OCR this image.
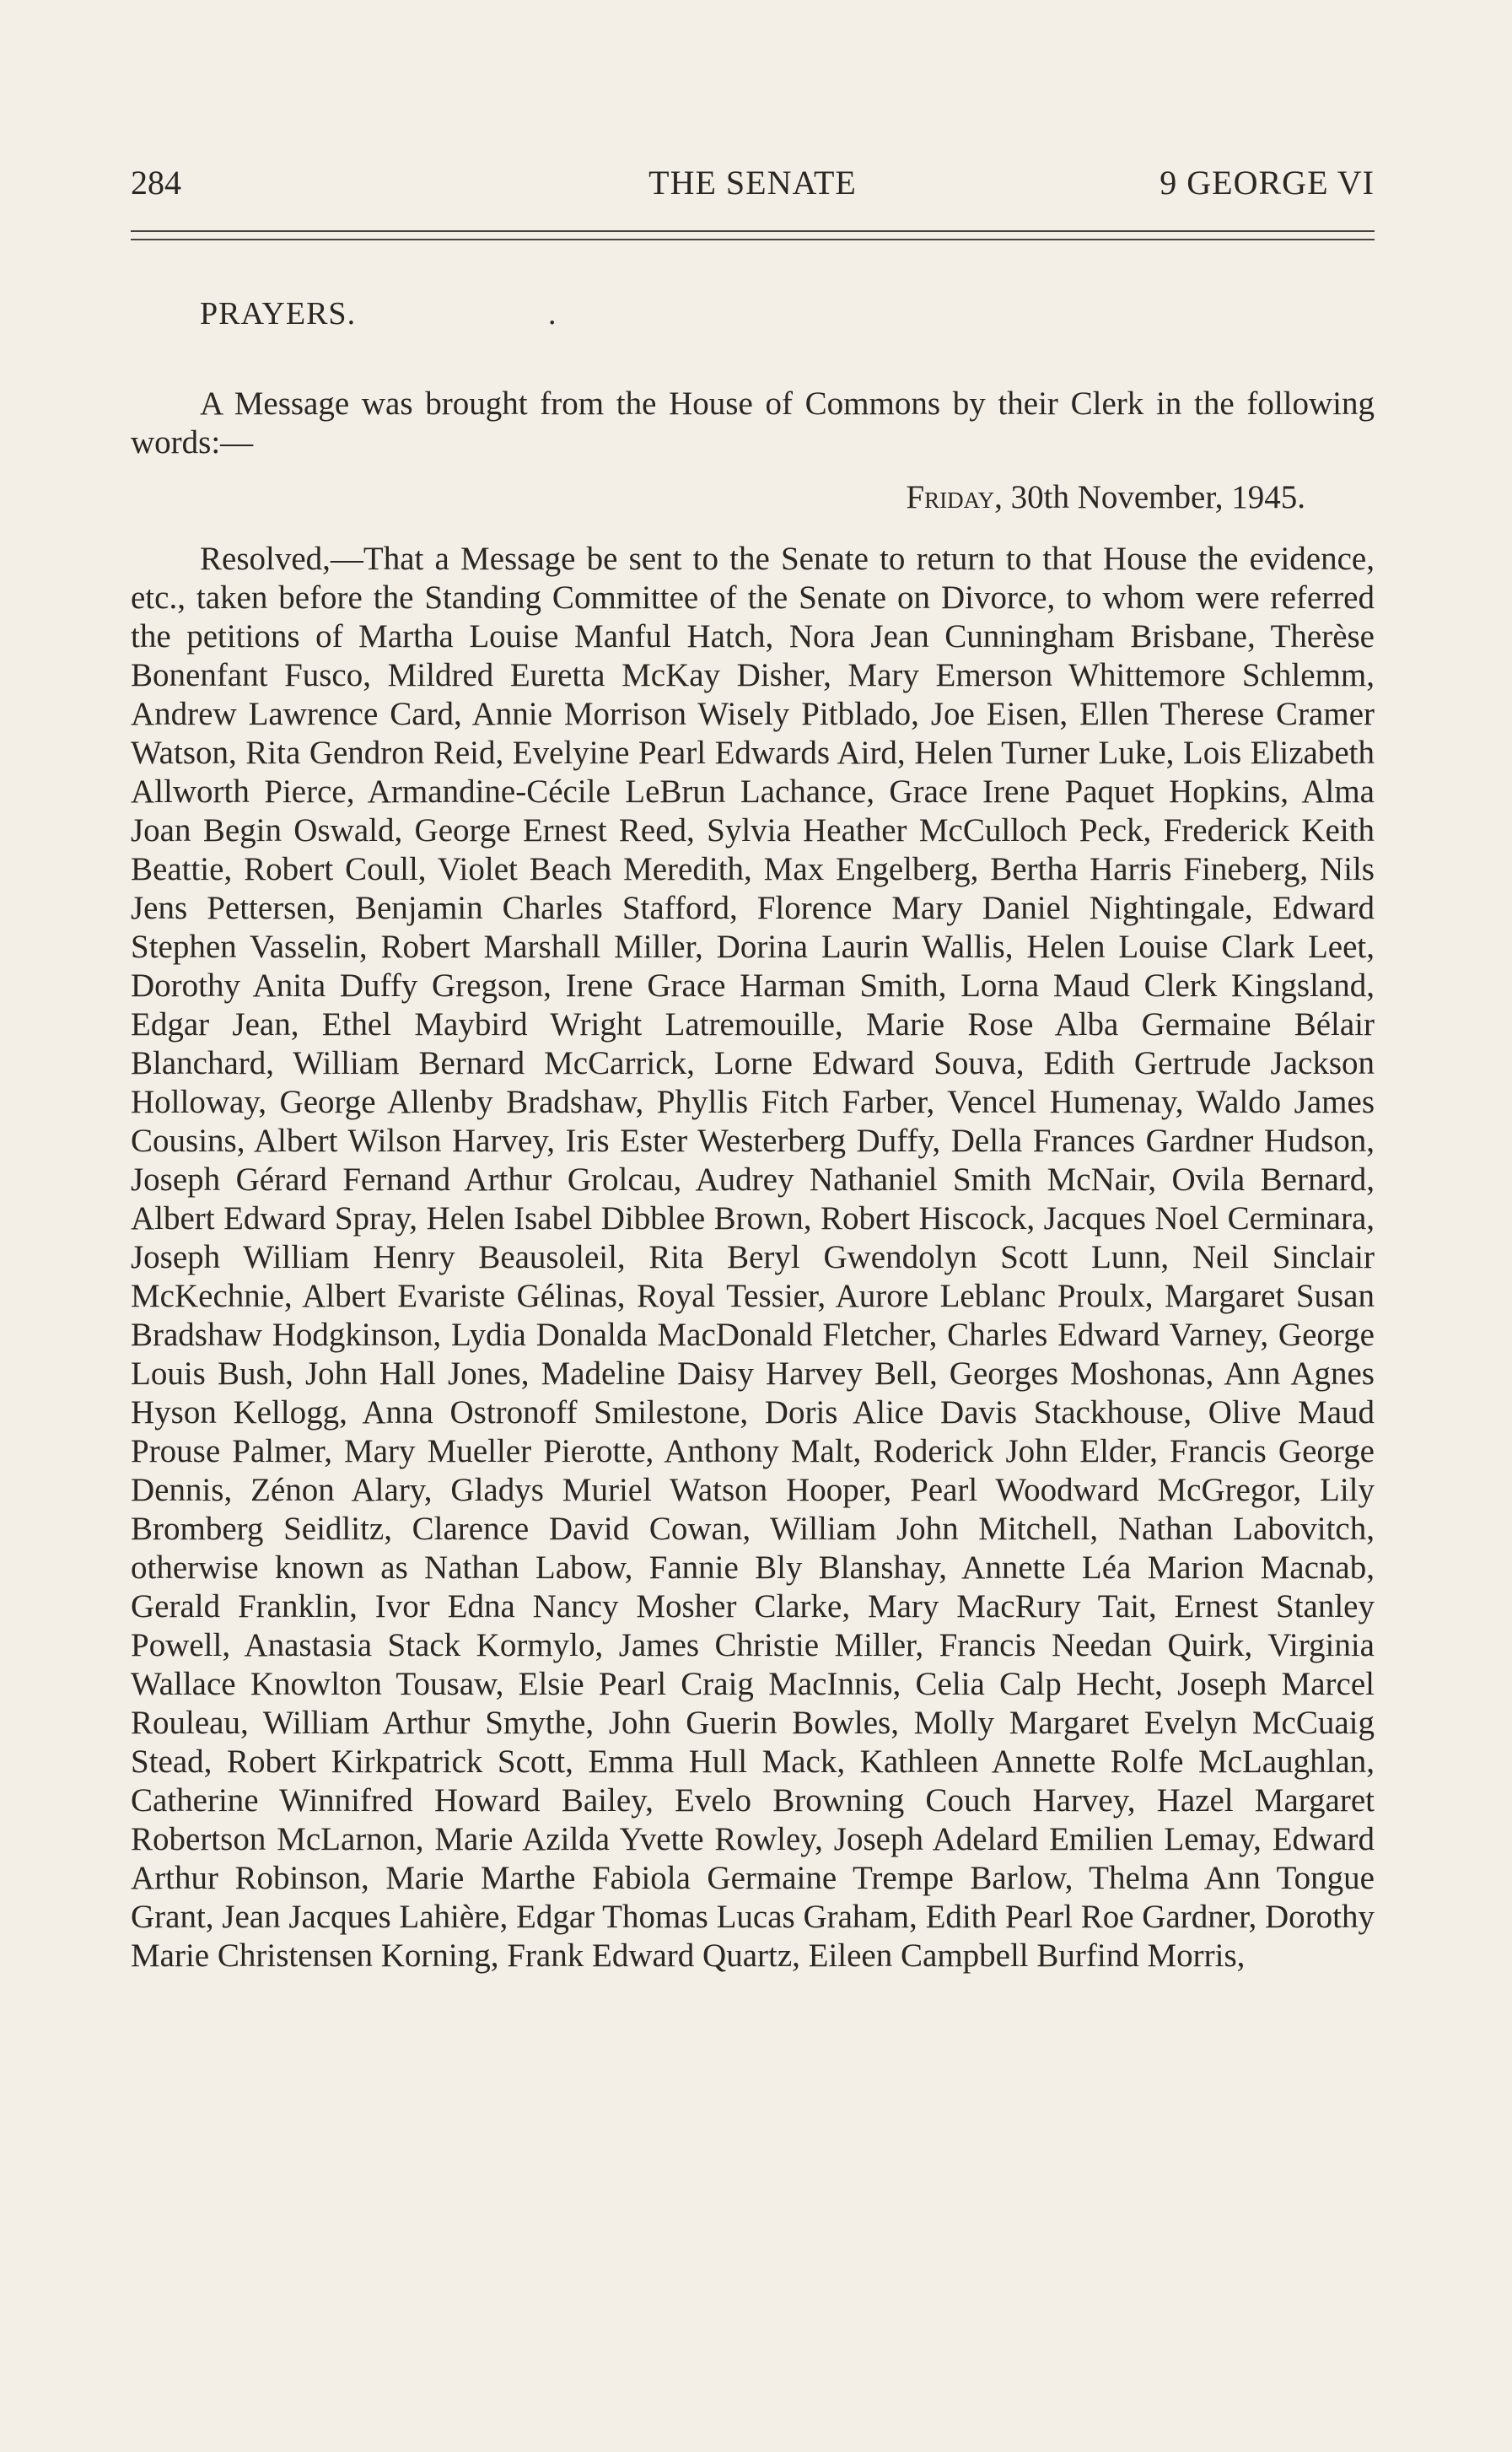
284	THE SENATE	9 GEORGE VI
PRAYERS.	.

A Message was brought from the House of Commons by their Clerk in the following words:—

Friday, 30th November, 1945.

Resolved,—That a Message be sent to the Senate to return to that House the evidence, etc., taken before the Standing Committee of the Senate on Divorce, to whom were referred the petitions of Martha Louise Manful Hatch, Nora Jean Cunningham Brisbane, Therèse Bonenfant Fusco, Mildred Euretta McKay Disher, Mary Emerson Whittemore Schlemm, Andrew Lawrence Card, Annie Morrison Wisely Pitblado, Joe Eisen, Ellen Therese Cramer Watson, Rita Gendron Reid, Evelyine Pearl Edwards Aird, Helen Turner Luke, Lois Elizabeth Allworth Pierce, Armandine-Cécile LeBrun Lachance, Grace Irene Paquet Hopkins, Alma Joan Begin Oswald, George Ernest Reed, Sylvia Heather McCulloch Peck, Frederick Keith Beattie, Robert Coull, Violet Beach Meredith, Max Engelberg, Bertha Harris Fineberg, Nils Jens Pettersen, Benjamin Charles Stafford, Florence Mary Daniel Nightingale, Edward Stephen Vasselin, Robert Marshall Miller, Dorina Laurin Wallis, Helen Louise Clark Leet, Dorothy Anita Duffy Gregson, Irene Grace Harman Smith, Lorna Maud Clerk Kingsland, Edgar Jean, Ethel Maybird Wright Latremouille, Marie Rose Alba Germaine Bélair Blanchard, William Bernard McCarrick, Lorne Edward Souva, Edith Gertrude Jackson Holloway, George Allenby Bradshaw, Phyllis Fitch Farber, Vencel Humenay, Waldo James Cousins, Albert Wilson Harvey, Iris Ester Westerberg Duffy, Della Frances Gardner Hudson, Joseph Gérard Fernand Arthur Grolcau, Audrey Nathaniel Smith McNair, Ovila Bernard, Albert Edward Spray, Helen Isabel Dibblee Brown, Robert Hiscock, Jacques Noel Cerminara, Joseph William Henry Beausoleil, Rita Beryl Gwendolyn Scott Lunn, Neil Sinclair McKechnie, Albert Evariste Gélinas, Royal Tessier, Aurore Leblanc Proulx, Margaret Susan Bradshaw Hodgkinson, Lydia Donalda MacDonald Fletcher, Charles Edward Varney, George Louis Bush, John Hall Jones, Madeline Daisy Harvey Bell, Georges Moshonas, Ann Agnes Hyson Kellogg, Anna Ostronoff Smilestone, Doris Alice Davis Stackhouse, Olive Maud Prouse Palmer, Mary Mueller Pierotte, Anthony Malt, Roderick John Elder, Francis George Dennis, Zénon Alary, Gladys Muriel Watson Hooper, Pearl Woodward McGregor, Lily Bromberg Seidlitz, Clarence David Cowan, William John Mitchell, Nathan Labovitch, otherwise known as Nathan Labow, Fannie Bly Blanshay, Annette Léa Marion Macnab, Gerald Franklin, Ivor Edna Nancy Mosher Clarke, Mary MacRury Tait, Ernest Stanley Powell, Anastasia Stack Kormylo, James Christie Miller, Francis Needan Quirk, Virginia Wallace Knowlton Tousaw, Elsie Pearl Craig MacInnis, Celia Calp Hecht, Joseph Marcel Rouleau, William Arthur Smythe, John Guerin Bowles, Molly Margaret Evelyn McCuaig Stead, Robert Kirkpatrick Scott, Emma Hull Mack, Kathleen Annette Rolfe McLaughlan, Catherine Winnifred Howard Bailey, Evelo Browning Couch Harvey, Hazel Margaret Robertson McLarnon, Marie Azilda Yvette Rowley, Joseph Adelard Emilien Lemay, Edward Arthur Robinson, Marie Marthe Fabiola Germaine Trempe Barlow, Thelma Ann Tongue Grant, Jean Jacques Lahière, Edgar Thomas Lucas Graham, Edith Pearl Roe Gardner, Dorothy Marie Christensen Korning, Frank Edward Quartz, Eileen Campbell Burfind Morris,
